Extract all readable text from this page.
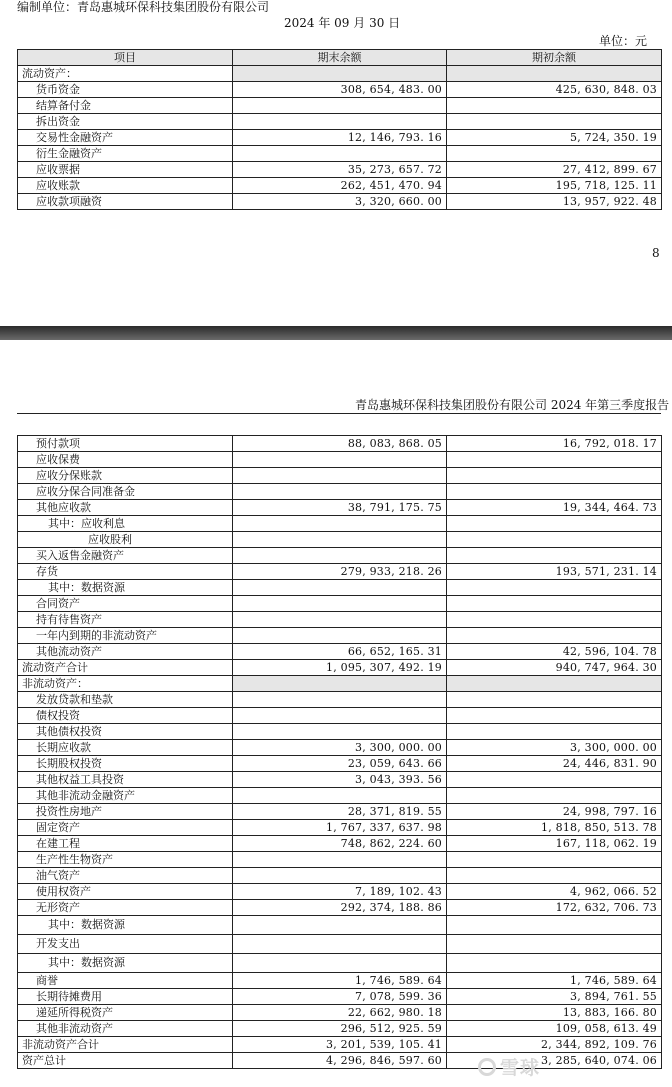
编制单位：青岛惠城环保科技集团股份有限公司
2024 年 09 月 30 日
单位：元
项目	期末余额	期初余额
流动资产：		
货币资金	308, 654, 483. 00	425, 630, 848. 03
结算备付金		
拆出资金		
交易性金融资产	12, 146, 793. 16	5, 724, 350. 19
衍生金融资产		
应收票据	35, 273, 657. 72	27, 412, 899. 67
应收账款	262, 451, 470. 94	195, 718, 125. 11
应收款项融资	3, 320, 660. 00	13, 957, 922. 48
8
青岛惠城环保科技集团股份有限公司 2024 年第三季度报告
预付款项	88, 083, 868. 05	16, 792, 018. 17
应收保费		
应收分保账款		
应收分保合同准备金		
其他应收款	38, 791, 175. 75	19, 344, 464. 73
其中：应收利息		
应收股利		
买入返售金融资产		
存货	279, 933, 218. 26	193, 571, 231. 14
其中：数据资源		
合同资产		
持有待售资产		
一年内到期的非流动资产		
其他流动资产	66, 652, 165. 31	42, 596, 104. 78
流动资产合计	1, 095, 307, 492. 19	940, 747, 964. 30
非流动资产：		
发放贷款和垫款		
债权投资		
其他债权投资		
长期应收款	3, 300, 000. 00	3, 300, 000. 00
长期股权投资	23, 059, 643. 66	24, 446, 831. 90
其他权益工具投资	3, 043, 393. 56	
其他非流动金融资产		
投资性房地产	28, 371, 819. 55	24, 998, 797. 16
固定资产	1, 767, 337, 637. 98	1, 818, 850, 513. 78
在建工程	748, 862, 224. 60	167, 118, 062. 19
生产性生物资产		
油气资产		
使用权资产	7, 189, 102. 43	4, 962, 066. 52
无形资产	292, 374, 188. 86	172, 632, 706. 73
其中：数据资源		
开发支出		
其中：数据资源		
商誉	1, 746, 589. 64	1, 746, 589. 64
长期待摊费用	7, 078, 599. 36	3, 894, 761. 55
递延所得税资产	22, 662, 980. 18	13, 883, 166. 80
其他非流动资产	296, 512, 925. 59	109, 058, 613. 49
非流动资产合计	3, 201, 539, 105. 41	2, 344, 892, 109. 76
资产总计	4, 296, 846, 597. 60	3, 285, 640, 074. 06
雪球
